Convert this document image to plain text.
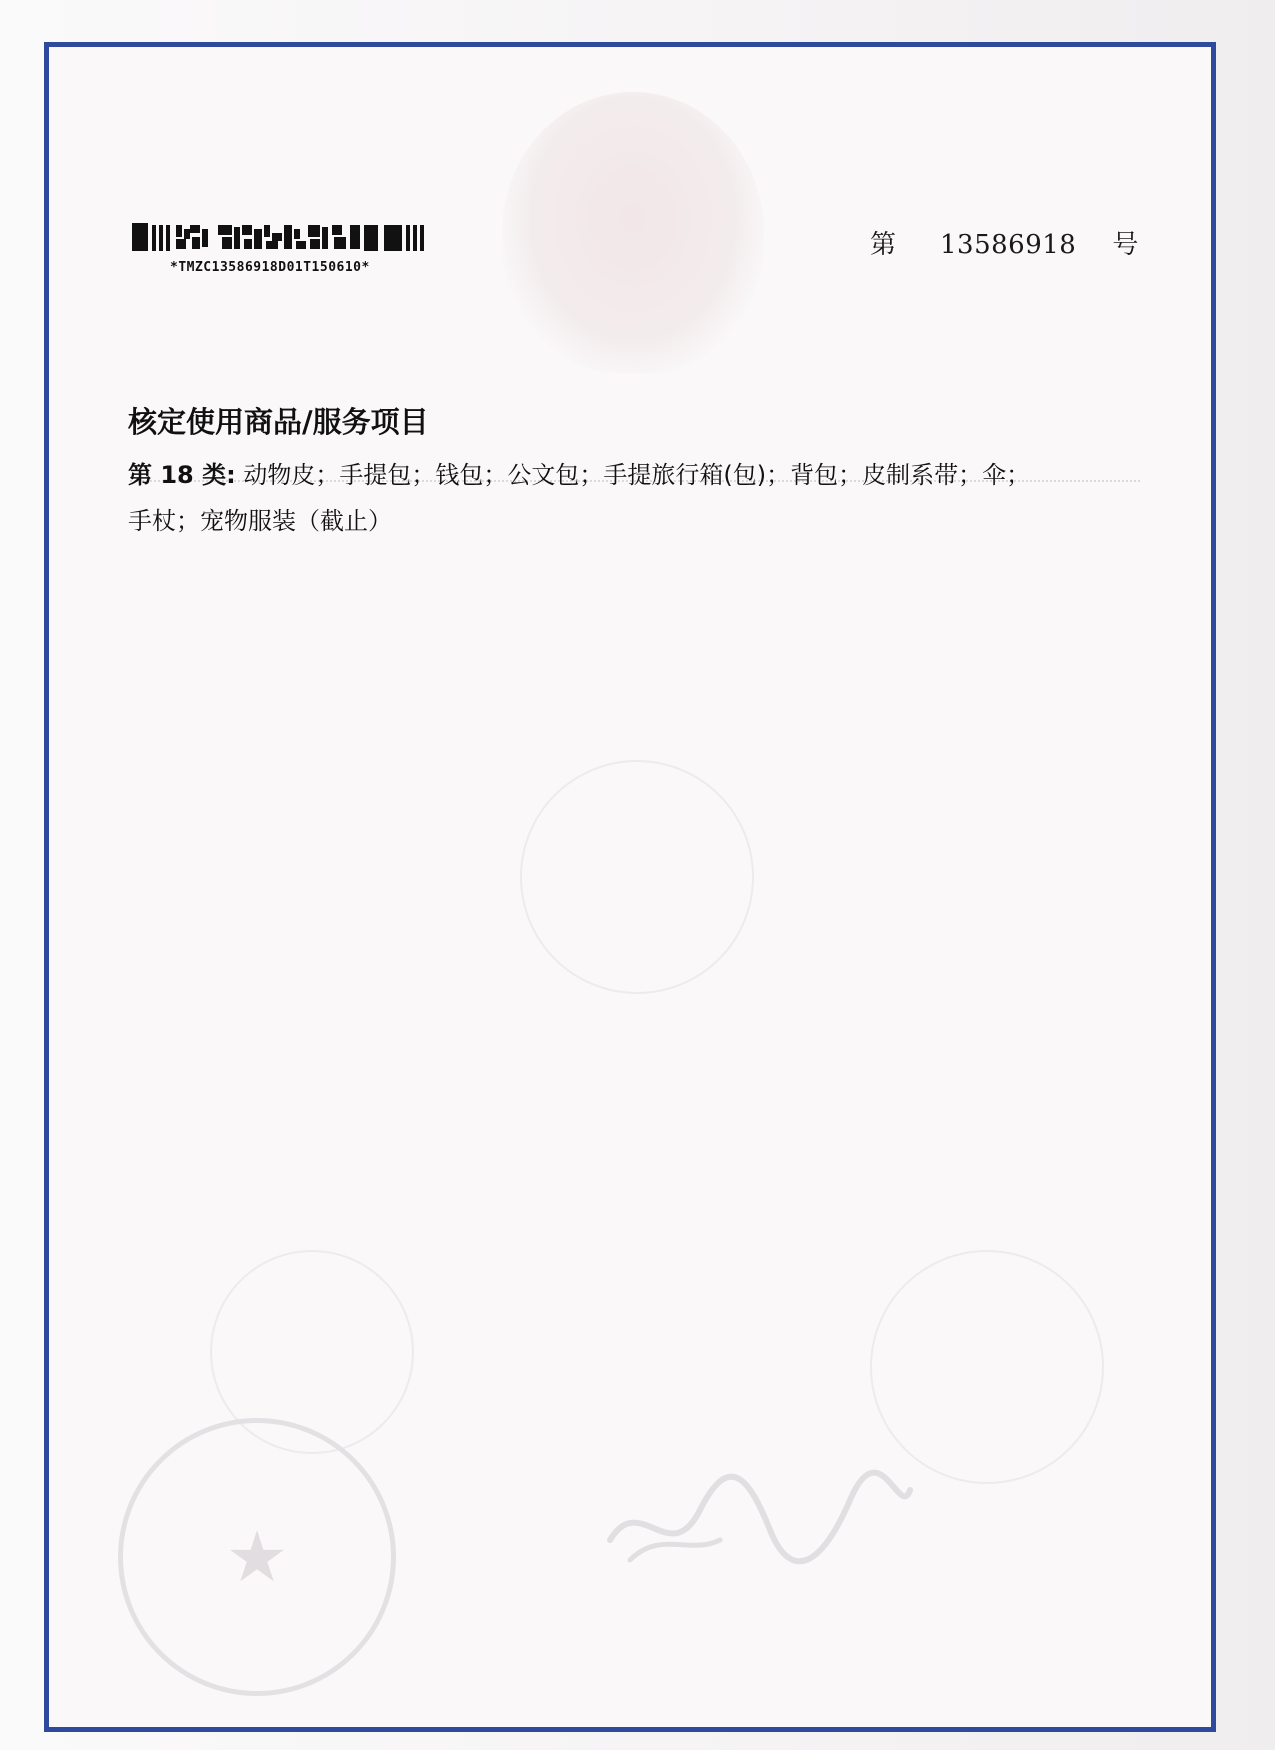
★
*TMZC13586918D01T150610*
第 13586918 号
核定使用商品/服务项目
第 18 类: 动物皮；手提包；钱包；公文包；手提旅行箱(包)；背包；皮制系带；伞；
手杖；宠物服装（截止）
